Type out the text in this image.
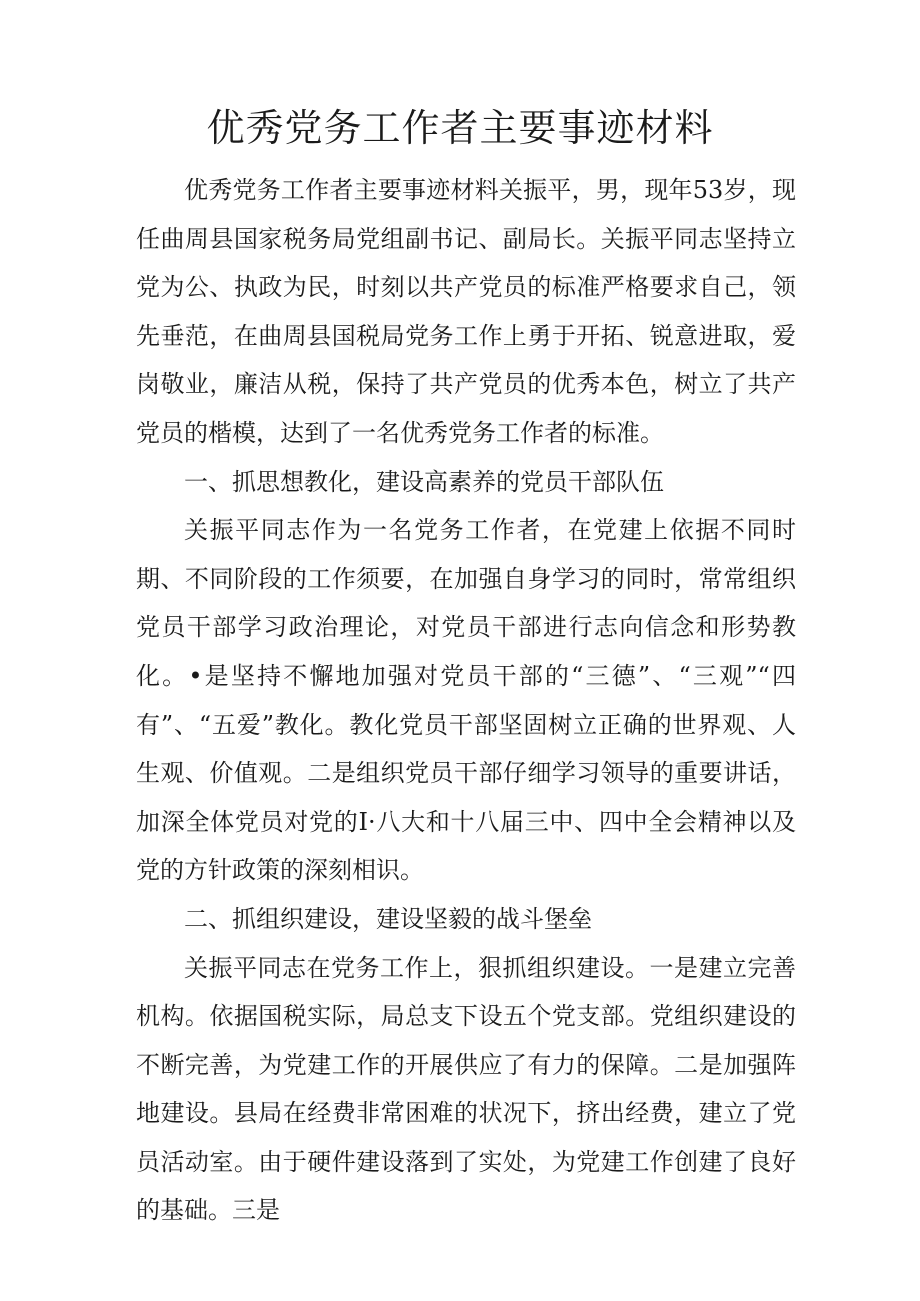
优秀党务工作者主要事迹材料

优秀党务工作者主要事迹材料关振平，男，现年53岁，现任曲周县国家税务局党组副书记、副局长。关振平同志坚持立党为公、执政为民，时刻以共产党员的标准严格要求自己，领先垂范，在曲周县国税局党务工作上勇于开拓、锐意进取，爱岗敬业，廉洁从税，保持了共产党员的优秀本色，树立了共产党员的楷模，达到了一名优秀党务工作者的标准。

一、抓思想教化，建设高素养的党员干部队伍

关振平同志作为一名党务工作者，在党建上依据不同时期、不同阶段的工作须要，在加强自身学习的同时，常常组织党员干部学习政治理论，对党员干部进行志向信念和形势教化。•是坚持不懈地加强对党员干部的“三德”、“三观”“四有”、“五爱”教化。教化党员干部坚固树立正确的世界观、人生观、价值观。二是组织党员干部仔细学习领导的重要讲话，加深全体党员对党的I·八大和十八届三中、四中全会精神以及党的方针政策的深刻相识。

二、抓组织建设，建设坚毅的战斗堡垒

关振平同志在党务工作上，狠抓组织建设。一是建立完善机构。依据国税实际，局总支下设五个党支部。党组织建设的不断完善，为党建工作的开展供应了有力的保障。二是加强阵地建设。县局在经费非常困难的状况下，挤出经费，建立了党员活动室。由于硬件建设落到了实处，为党建工作创建了良好的基础。三是
